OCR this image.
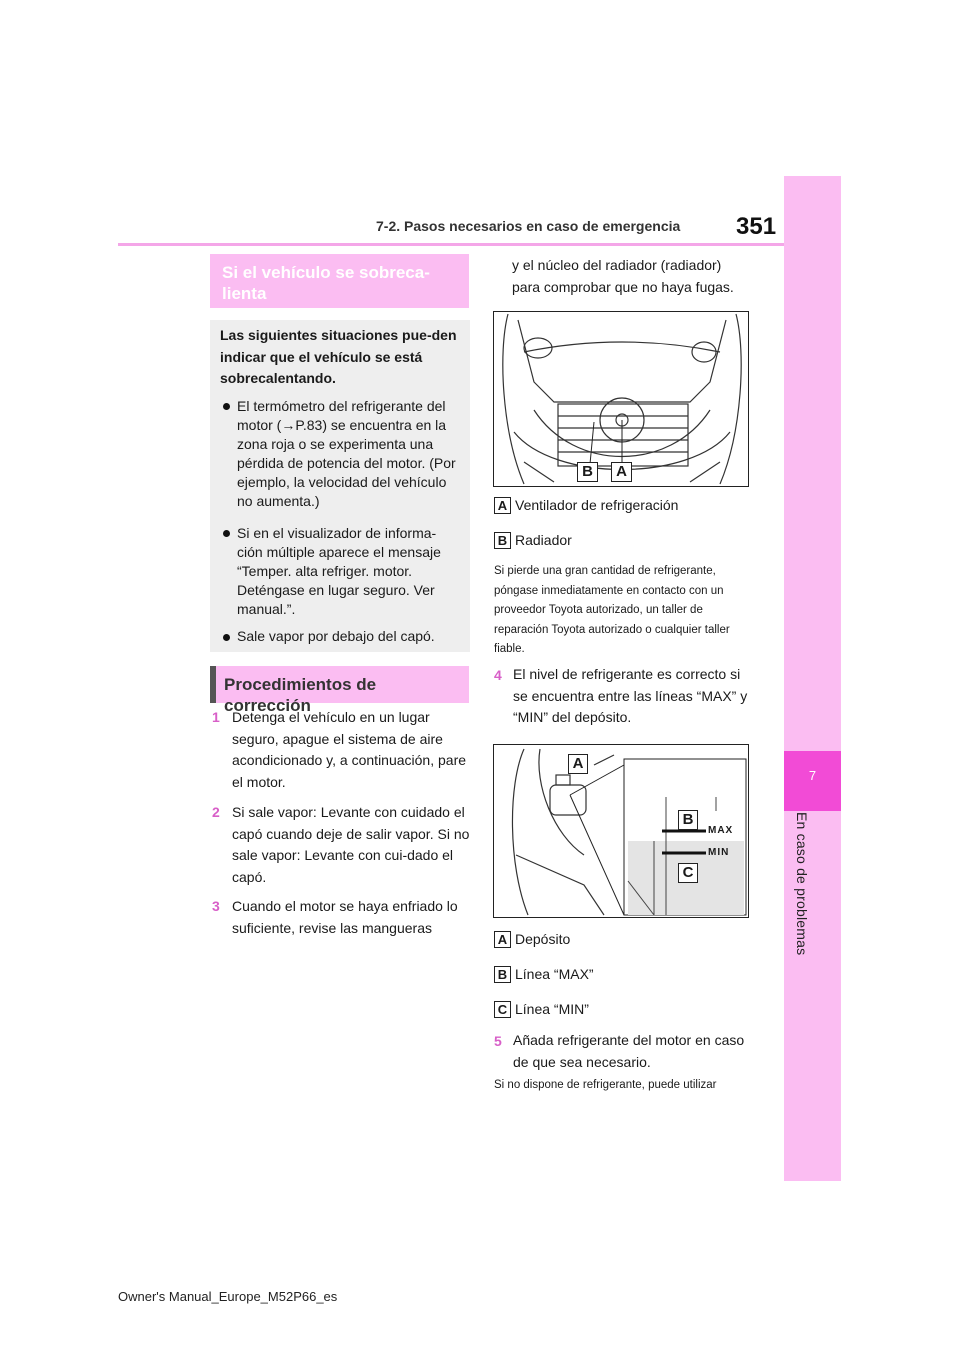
7
En caso de problemas
7-2. Pasos necesarios en caso de emergencia 351
Si el vehículo se sobreca-lienta
Las siguientes situaciones pue-den indicar que el vehículo se está sobrecalentando.
El termómetro del refrigerante del motor (→P.83) se encuentra en la zona roja o se experimenta una pérdida de potencia del motor. (Por ejemplo, la velocidad del vehículo no aumenta.)
Si en el visualizador de informa-ción múltiple aparece el mensaje “Temper. alta refriger. motor. Deténgase en lugar seguro. Ver manual.”.
Sale vapor por debajo del capó.
Procedimientos de corrección
1 Detenga el vehículo en un lugar seguro, apague el sistema de aire acondicionado y, a continuación, pare el motor.
2 Si sale vapor: Levante con cuidado el capó cuando deje de salir vapor. Si no sale vapor: Levante con cui-dado el capó.
3 Cuando el motor se haya enfriado lo suficiente, revise las mangueras
y el núcleo del radiador (radiador) para comprobar que no haya fugas.
B	A
A Ventilador de refrigeración
B Radiador
Si pierde una gran cantidad de refrigerante, póngase inmediatamente en contacto con un proveedor Toyota autorizado, un taller de reparación Toyota autorizado o cualquier taller fiable.
4 El nivel de refrigerante es correcto si se encuentra entre las líneas “MAX” y “MIN” del depósito.
A
B
C
MAX
MIN
A Depósito
B Línea “MAX”
C Línea “MIN”
5 Añada refrigerante del motor en caso de que sea necesario.
Si no dispone de refrigerante, puede utilizar
Owner's Manual_Europe_M52P66_es
